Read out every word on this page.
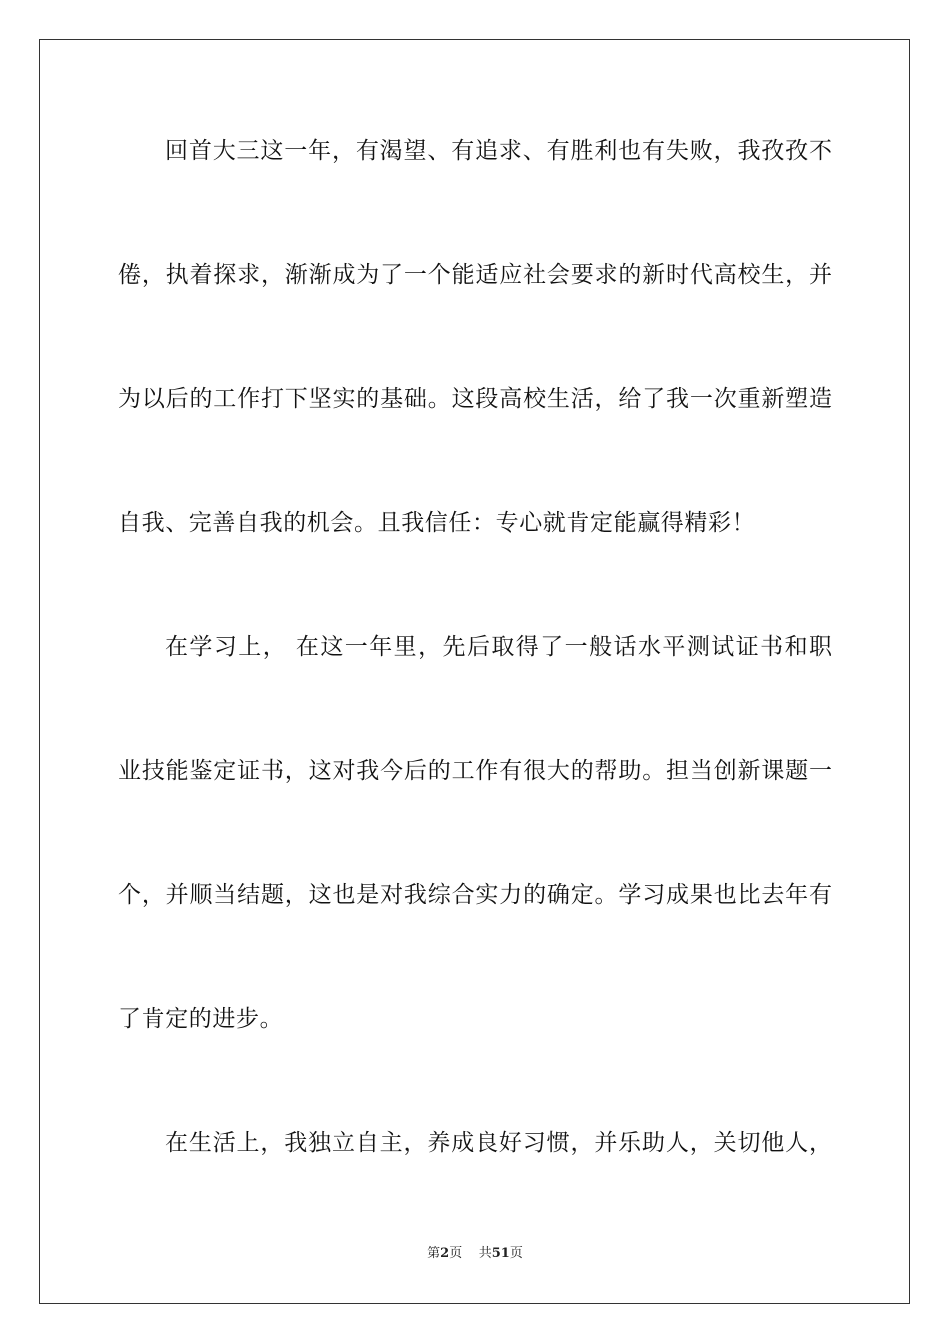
回首大三这一年，有渴望、有追求、有胜利也有失败，我孜孜不
倦，执着探求，渐渐成为了一个能适应社会要求的新时代高校生，并
为以后的工作打下坚实的基础。这段高校生活，给了我一次重新塑造
自我、完善自我的机会。且我信任：专心就肯定能赢得精彩！
在学习上， 在这一年里，先后取得了一般话水平测试证书和职
业技能鉴定证书，这对我今后的工作有很大的帮助。担当创新课题一
个，并顺当结题，这也是对我综合实力的确定。学习成果也比去年有
了肯定的进步。
在生活上，我独立自主，养成良好习惯，并乐助人，关切他人，
第2页 共51页
